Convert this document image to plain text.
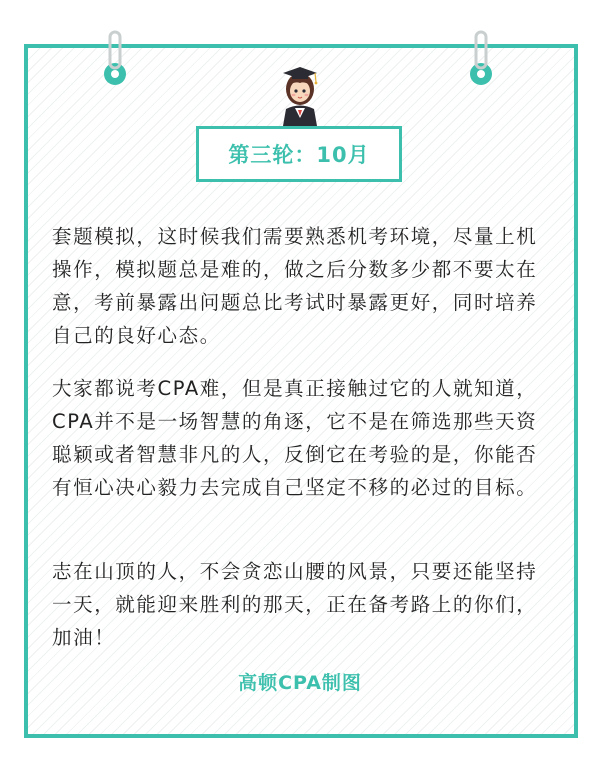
第三轮：10月

套题模拟，这时候我们需要熟悉机考环境，尽量上机操作，模拟题总是难的，做之后分数多少都不要太在意，考前暴露出问题总比考试时暴露更好，同时培养自己的良好心态。

大家都说考CPA难，但是真正接触过它的人就知道，CPA并不是一场智慧的角逐，它不是在筛选那些天资聪颖或者智慧非凡的人，反倒它在考验的是，你能否有恒心决心毅力去完成自己坚定不移的必过的目标。

志在山顶的人，不会贪恋山腰的风景，只要还能坚持一天，就能迎来胜利的那天，正在备考路上的你们，加油！

高顿CPA制图
